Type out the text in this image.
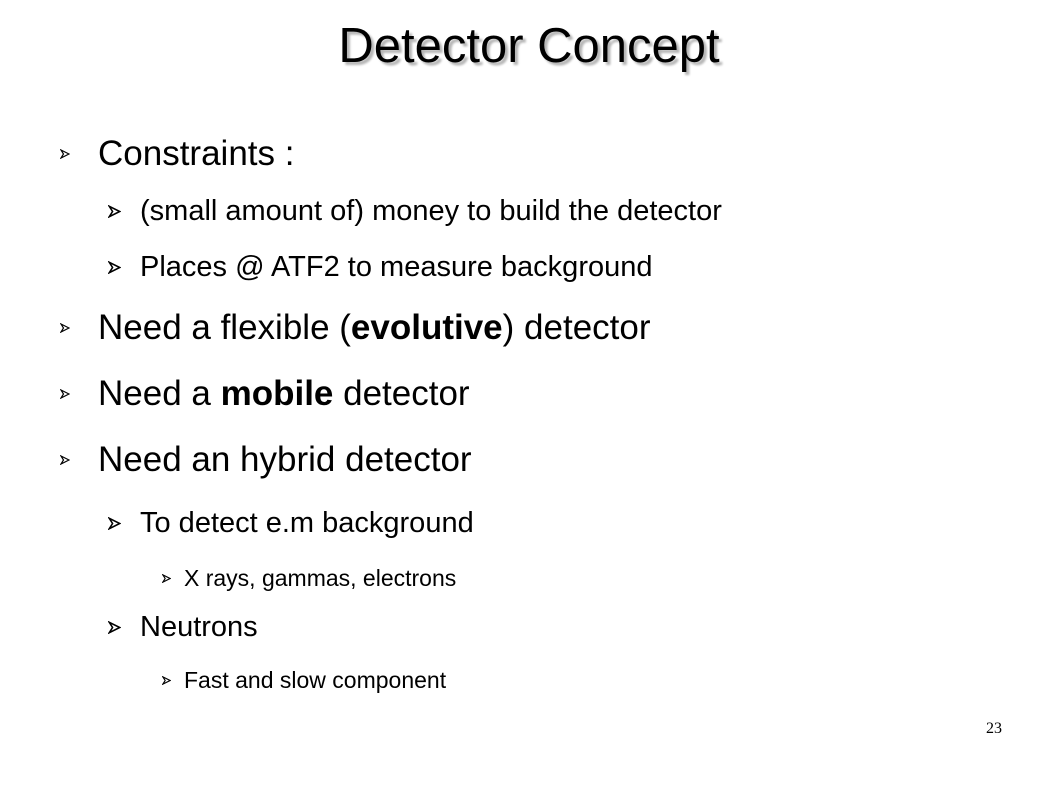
Detector Concept
Constraints :
(small amount of) money to build the detector
Places @ ATF2 to measure background
Need a flexible (evolutive) detector
Need a mobile detector
Need an hybrid detector
To detect e.m background
X rays, gammas, electrons
Neutrons
Fast and slow component
23
